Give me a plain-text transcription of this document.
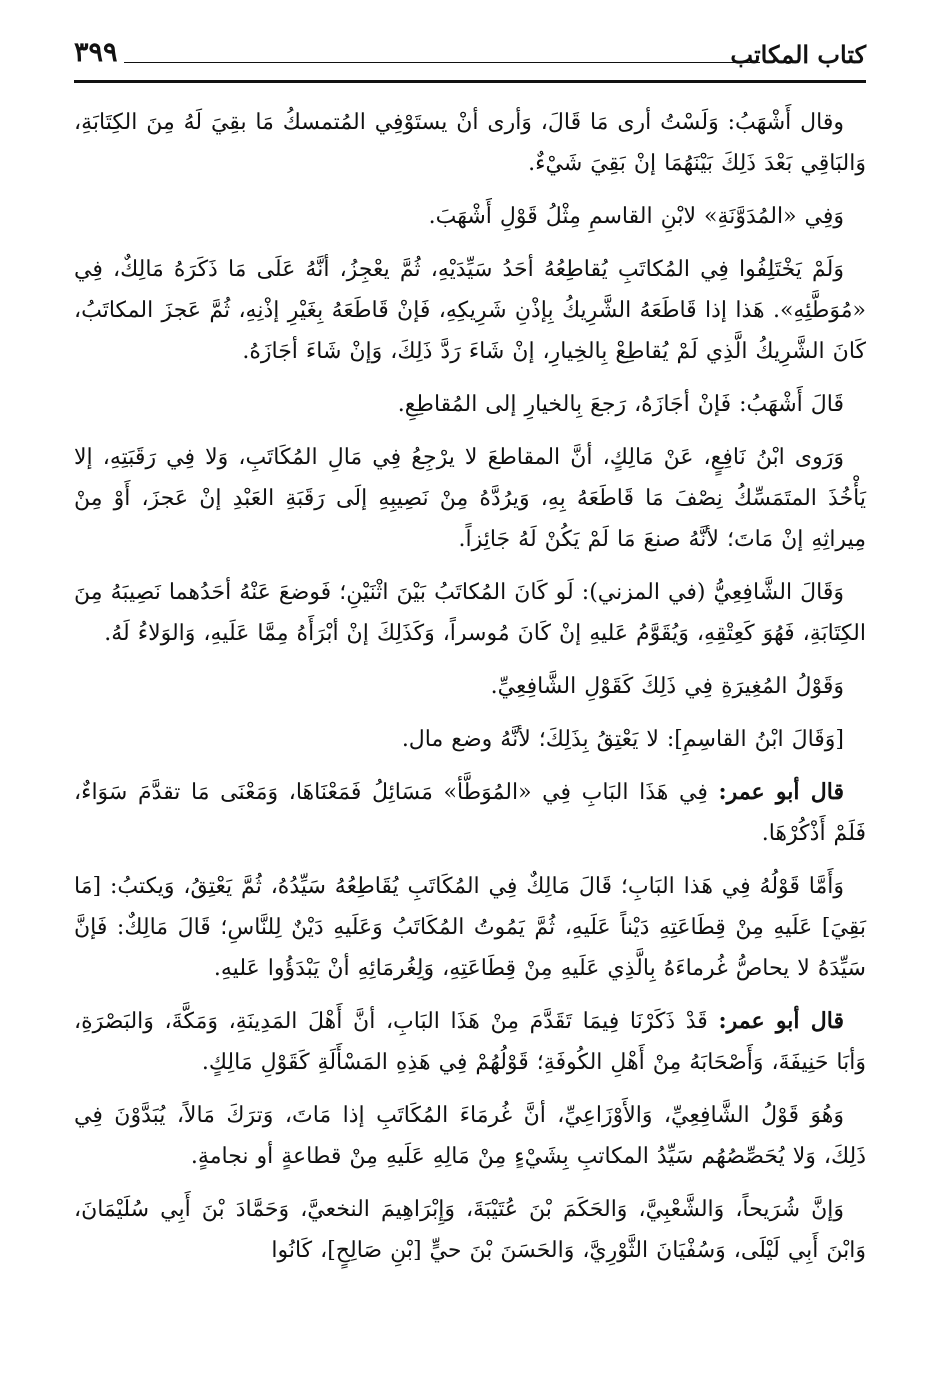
كتاب المكاتب
٣٩٩

وقال أَشْهَبُ: وَلَسْتُ أرى مَا قَالَ، وَأرى أنْ يستَوْفِي المُتمسكُ مَا بقِيَ لَهُ مِنَ الكِتَابَةِ، وَالبَاقِي بَعْدَ ذَلِكَ بَيْنَهُمَا إنْ بَقِيَ شَيْءٌ.

وَفِي «المُدَوَّنَةِ» لابْنِ القاسمِ مِثْلُ قَوْلِ أَشْهَبَ.

وَلَمْ يَخْتَلِفُوا فِي المُكاتَبِ يُقاطِعُهُ أحَدُ سَيِّدَيْهِ، ثُمَّ يعْجِزُ، أنَّهُ عَلَى مَا ذَكَرَهُ مَالِكٌ، فِي «مُوَطَّئِهِ». هَذا إذا قَاطَعَهُ الشَّرِيكُ بِإذْنِ شَرِيكِهِ، فَإنْ قَاطَعَهُ بِغَيْرِ إذْنِهِ، ثُمَّ عَجزَ المكاتَبُ، كَانَ الشَّرِيكُ الَّذِي لَمْ يُقاطِعْ بِالخِيارِ، إنْ شَاءَ رَدَّ ذَلِكَ، وَإنْ شَاءَ أجَازَهُ.

قَالَ أَشْهَبُ: فَإنْ أجَازَهُ، رَجعَ بِالخيارِ إلى المُقاطِعِ.

وَرَوى ابْنُ نَافِعٍ، عَنْ مَالِكٍ، أنَّ المقاطعَ لا يرْجِعُ فِي مَالِ المُكَاتَبِ، وَلا فِي رَقَبَتِهِ، إلا يَأْخُذَ المتَمَسِّكُ نِصْفَ مَا قَاطَعَهُ بِهِ، وَيرُدَّهُ مِنْ نَصِيبِهِ إلَى رَقَبَةِ العَبْدِ إنْ عَجزَ، أَوْ مِنْ مِيراثِهِ إنْ مَاتَ؛ لأنَّهُ صنعَ مَا لَمْ يَكُنْ لَهُ جَائِزاً.

وَقَالَ الشَّافِعِيُّ (في المزني): لَو كَانَ المُكاتَبُ بَيْنَ اثْنَيْنِ؛ فَوضعَ عَنْهُ أحَدُهما نَصِيبَهُ مِنَ الكِتَابَةِ، فَهُوَ كَعِتْقِهِ، وَيُقَوَّمُ عَليهِ إنْ كَانَ مُوسراً، وَكَذَلِكَ إنْ أبْرَأَهُ مِمَّا عَلَيهِ، وَالوَلاءُ لَهُ.

وَقَوْلُ المُغِيرَةِ فِي ذَلِكَ كَقَوْلِ الشَّافِعِيِّ.

[وَقَالَ ابْنُ القاسِمِ]: لا يَعْتِقُ بِذَلِكَ؛ لأنَّهُ وضع مال.

قال أبو عمر: فِي هَذَا البَابِ فِي «المُوَطَّأ» مَسَائِلُ فَمَعْنَاهَا، وَمَعْنَى مَا تقدَّمَ سَوَاءٌ، فَلَمْ أَذْكُرْهَا.

وَأَمَّا قَوْلُهُ فِي هَذا البَابِ؛ قَالَ مَالِكٌ فِي المُكَاتَبِ يُقَاطِعُهُ سَيِّدُهُ، ثُمَّ يَعْتِقُ، وَيكتبُ: [مَا بَقِيَ] عَلَيهِ مِنْ قِطَاعَتِهِ دَيْناً عَلَيهِ، ثُمَّ يَمُوتُ المُكَاتَبُ وَعَلَيهِ دَيْنٌ لِلنَّاسِ؛ قَالَ مَالِكٌ: فَإنَّ سَيِّدَهُ لا يحاصُّ غُرماءَهُ بِالَّذِي عَلَيهِ مِنْ قِطَاعَتِهِ، وَلِغُرمَائِهِ أنْ يَبْدَؤُوا عَليهِ.

قال أبو عمر: قَدْ ذَكَرْنَا فِيمَا تَقَدَّمَ مِنْ هَذَا البَابِ، أنَّ أَهْلَ المَدِينَةِ، وَمَكَّةَ، وَالبَصْرَةِ، وَأبَا حَنِيفَةَ، وَأَصْحَابَهُ مِنْ أَهْلِ الكُوفَةِ؛ قَوْلُهُمْ فِي هَذِهِ المَسْأَلَةِ كَقَوْلِ مَالِكٍ.

وَهُوَ قَوْلُ الشَّافِعِيِّ، وَالأَوْزَاعِيِّ، أنَّ غُرمَاءَ المُكَاتَبِ إذا مَاتَ، وَترَكَ مَالاً، يُبَدَّوْنَ فِي ذَلِكَ، وَلا يُحَصِّصُهُم سَيِّدُ المكاتبِ بِشَيْءٍ مِنْ مَالِهِ عَلَيهِ مِنْ قطاعةٍ أو نجامةٍ.

وَإنَّ شُرَيحاً، وَالشَّعْبِيَّ، وَالحَكَمَ بْنَ عُتَيْبَةَ، وَإِبْرَاهِيمَ النخعيَّ، وَحَمَّادَ بْنَ أَبِي سُلَيْمَانَ، وَابْنَ أَبِي لَيْلَى، وَسُفْيَانَ الثَّوْرِيَّ، وَالحَسَنَ بْنَ حيٍّ [بْنِ صَالِحٍ]، كَانُوا
